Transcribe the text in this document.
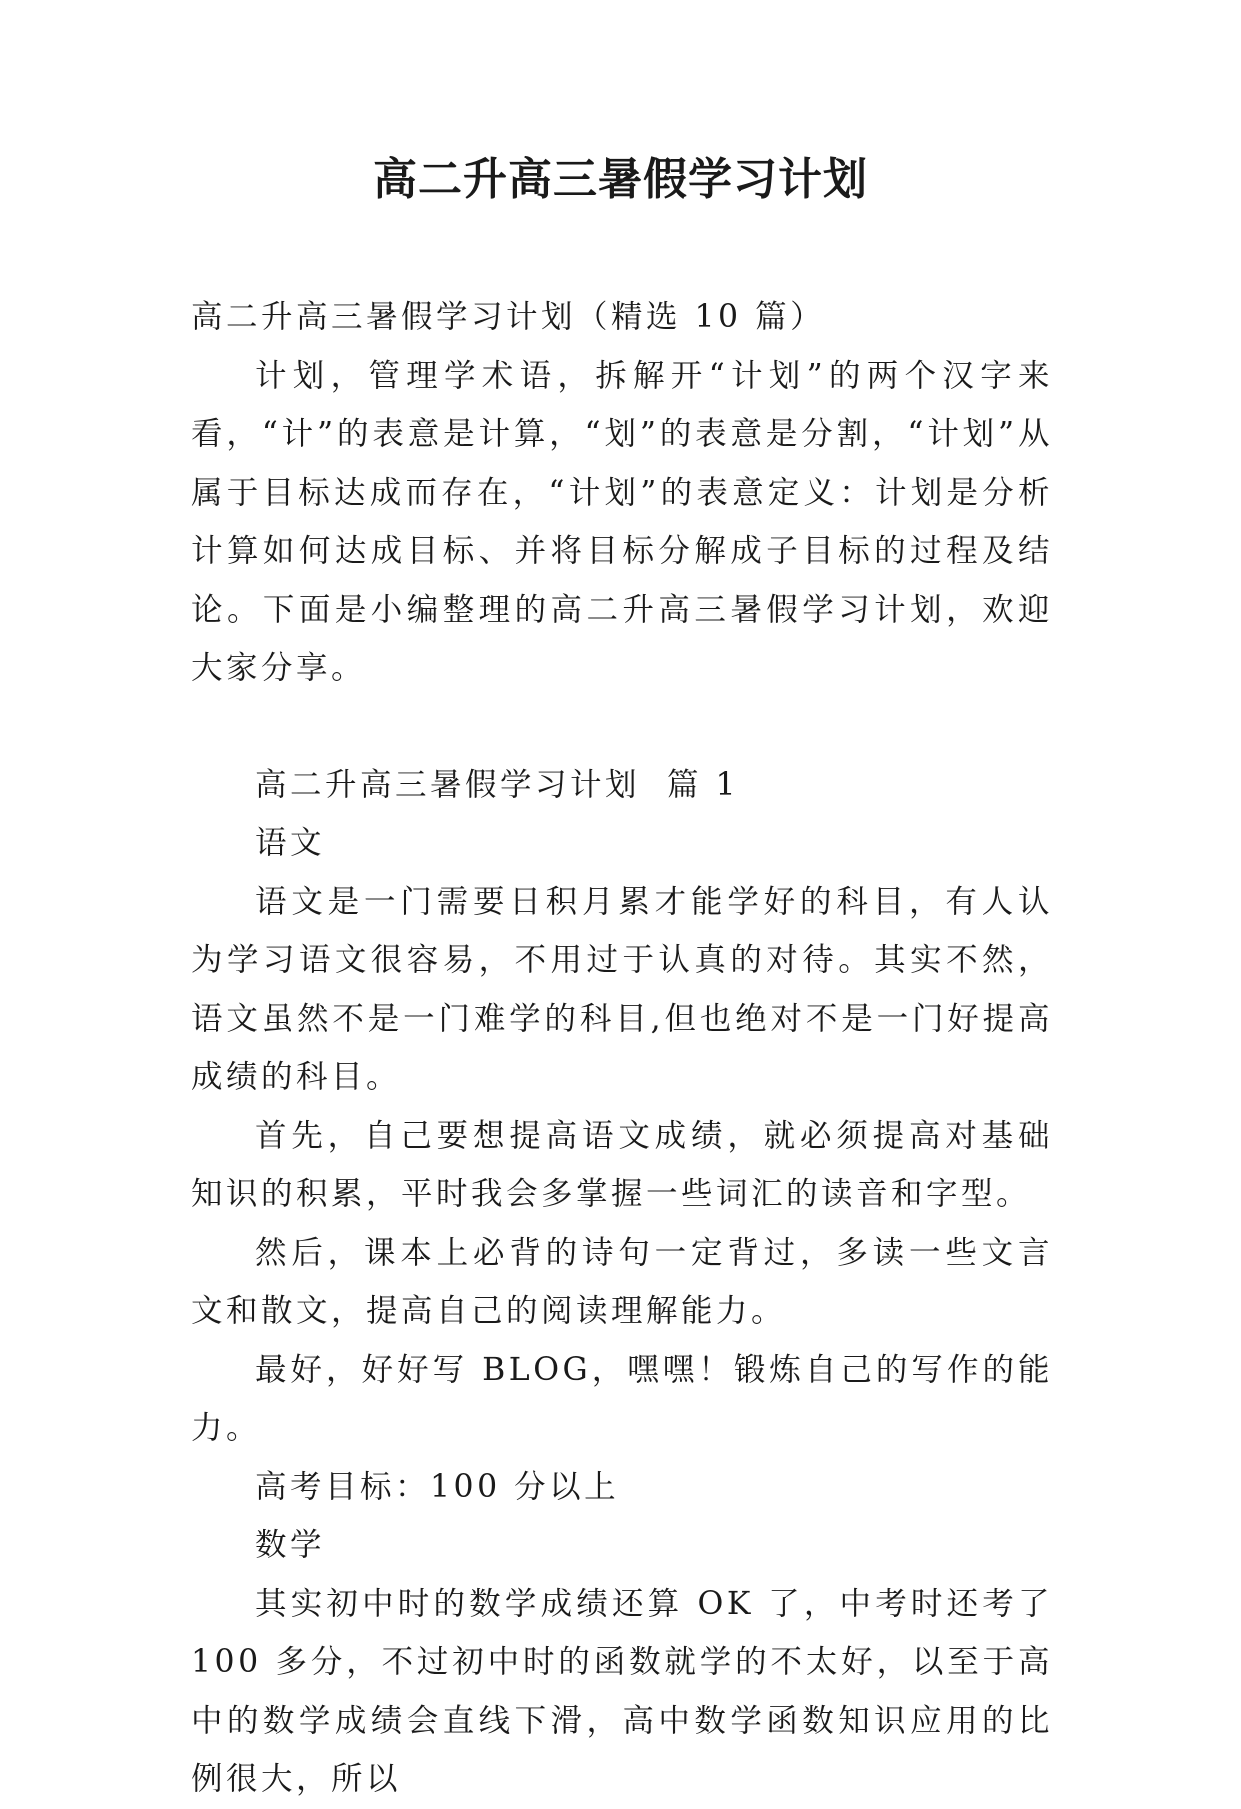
高二升高三暑假学习计划

高二升高三暑假学习计划（精选 10 篇）

计划，管理学术语，拆解开“计划”的两个汉字来看，“计”的表意是计算，“划”的表意是分割，“计划”从属于目标达成而存在，“计划”的表意定义：计划是分析计算如何达成目标、并将目标分解成子目标的过程及结论。下面是小编整理的高二升高三暑假学习计划，欢迎大家分享。

高二升高三暑假学习计划  篇 1

语文

语文是一门需要日积月累才能学好的科目，有人认为学习语文很容易，不用过于认真的对待。其实不然，语文虽然不是一门难学的科目,但也绝对不是一门好提高成绩的科目。

首先，自己要想提高语文成绩，就必须提高对基础知识的积累，平时我会多掌握一些词汇的读音和字型。

然后，课本上必背的诗句一定背过，多读一些文言文和散文，提高自己的阅读理解能力。

最好，好好写 BLOG，嘿嘿！锻炼自己的写作的能力。

高考目标：100 分以上

数学

其实初中时的数学成绩还算 OK 了，中考时还考了 100 多分，不过初中时的函数就学的不太好，以至于高中的数学成绩会直线下滑，高中数学函数知识应用的比例很大，所以
